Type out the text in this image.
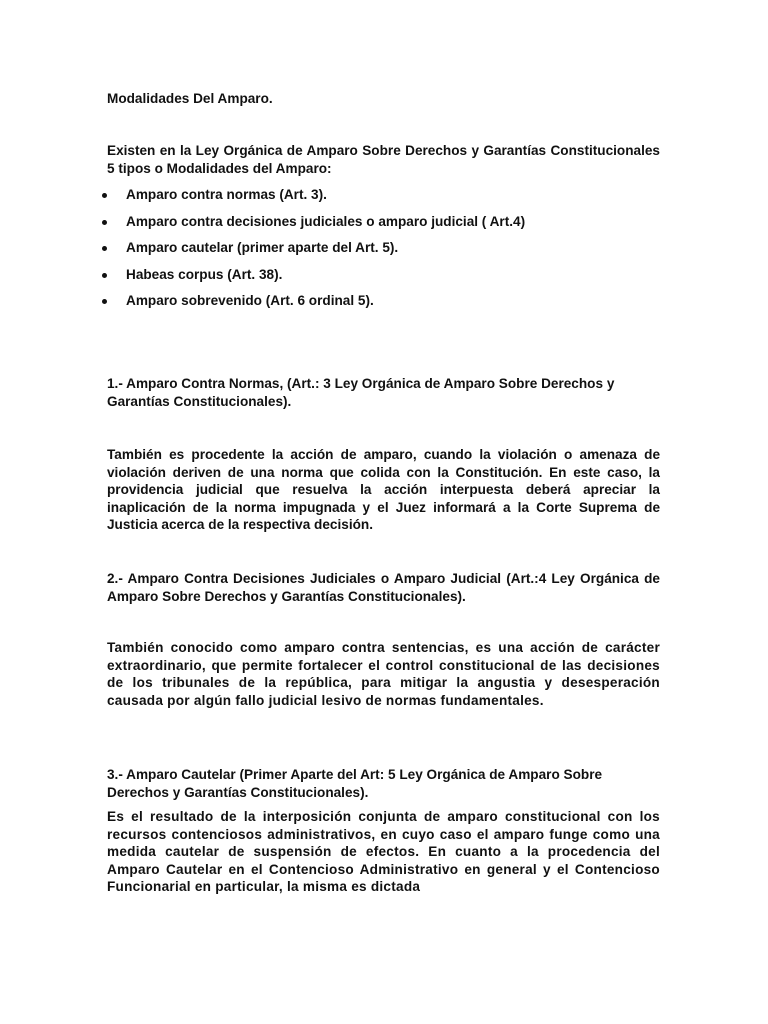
Modalidades Del Amparo.

Existen en la Ley Orgánica de Amparo Sobre Derechos y Garantías Constitucionales 5 tipos o Modalidades del Amparo:

Amparo contra normas (Art. 3).
Amparo contra decisiones judiciales o amparo judicial ( Art.4)
Amparo cautelar (primer aparte del Art. 5).
Habeas corpus (Art. 38).
Amparo sobrevenido (Art. 6 ordinal 5).

1.- Amparo Contra Normas, (Art.: 3 Ley Orgánica de Amparo Sobre Derechos y Garantías Constitucionales).

También es procedente la acción de amparo, cuando la violación o amenaza de violación deriven de una norma que colida con la Constitución. En este caso, la providencia judicial que resuelva la acción interpuesta deberá apreciar la inaplicación de la norma impugnada y el Juez informará a la Corte Suprema de Justicia acerca de la respectiva decisión.

2.- Amparo Contra Decisiones Judiciales o Amparo Judicial (Art.:4 Ley Orgánica de Amparo Sobre Derechos y Garantías Constitucionales).

También conocido como amparo contra sentencias, es una acción de carácter extraordinario, que permite fortalecer el control constitucional de las decisiones de los tribunales de la república, para mitigar la angustia y desesperación causada por algún fallo judicial lesivo de normas fundamentales.

3.- Amparo Cautelar (Primer Aparte del Art: 5 Ley Orgánica de Amparo Sobre Derechos y Garantías Constitucionales).

Es el resultado de la interposición conjunta de amparo constitucional con los recursos contenciosos administrativos, en cuyo caso el amparo funge como una medida cautelar de suspensión de efectos. En cuanto a la procedencia del Amparo Cautelar en el Contencioso Administrativo en general y el Contencioso Funcionarial en particular, la misma es dictada
